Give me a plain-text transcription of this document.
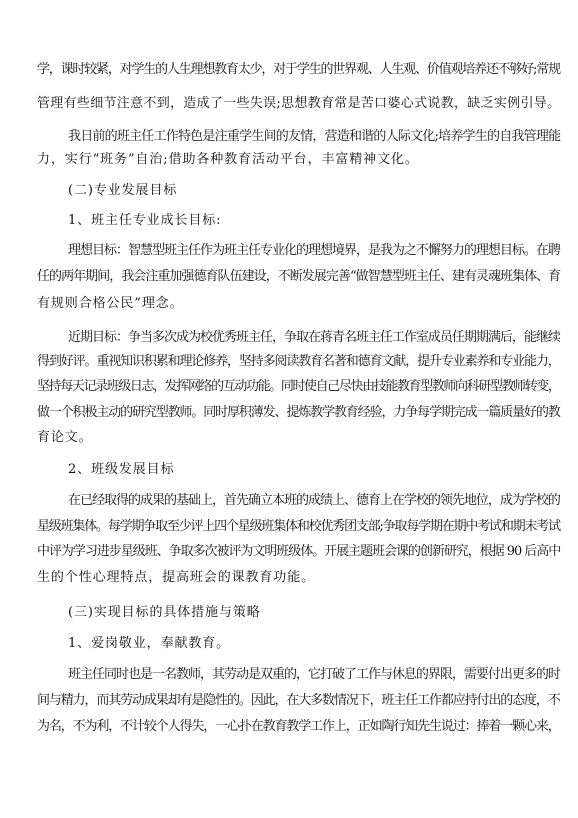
学，课时较紧，对学生的人生理想教育太少，对于学生的世界观、人生观、价值观培养还不够好;常规
管理有些细节注意不到，造成了一些失误;思想教育常是苦口婆心式说教，缺乏实例引导。
我日前的班主任工作特色是注重学生间的友情，营造和谐的人际文化;培养学生的自我管理能
力，实行“班务”自治;借助各种教育活动平台，丰富精神文化。
(二)专业发展目标
1、班主任专业成长目标:
理想目标：智慧型班主任作为班主任专业化的理想境界，是我为之不懈努力的理想目标。在聘
任的两年期间，我会注重加强德育队伍建设，不断发展完善“做智慧型班主任、建有灵魂班集体、育
有规则合格公民”理念。
近期目标：争当多次成为校优秀班主任，争取在蒋青名班主任工作室成员任期期满后，能继续
得到好评。重视知识积累和理论修养，坚持多阅读教育名著和德育文献，提升专业素养和专业能力，
坚持每天记录班级日志，发挥网络的互动功能。同时使自己尽快由技能教育型教师向科研型教师转变，
做一个积极主动的研究型教师。同时厚积薄发、提炼教学教育经验，力争每学期完成一篇质量好的教
育论文。
2、班级发展目标
在已经取得的成果的基础上，首先确立本班的成绩上、德育上在学校的领先地位，成为学校的
星级班集体。每学期争取至少评上四个星级班集体和校优秀团支部;争取每学期在期中考试和期末考试
中评为学习进步星级班、争取多次被评为文明班级体。开展主题班会课的创新研究，根据 90 后高中
生的个性心理特点，提高班会的课教育功能。
(三)实现目标的具体措施与策略
1、爱岗敬业，奉献教育。
班主任同时也是一名教师，其劳动是双重的，它打破了工作与休息的界限，需要付出更多的时
间与精力，而其劳动成果却有是隐性的。因此，在大多数情况下，班主任工作都应持付出的态度，不
为名，不为利，不计较个人得失，一心扑在教育教学工作上，正如陶行知先生说过：捧着一颗心来，
